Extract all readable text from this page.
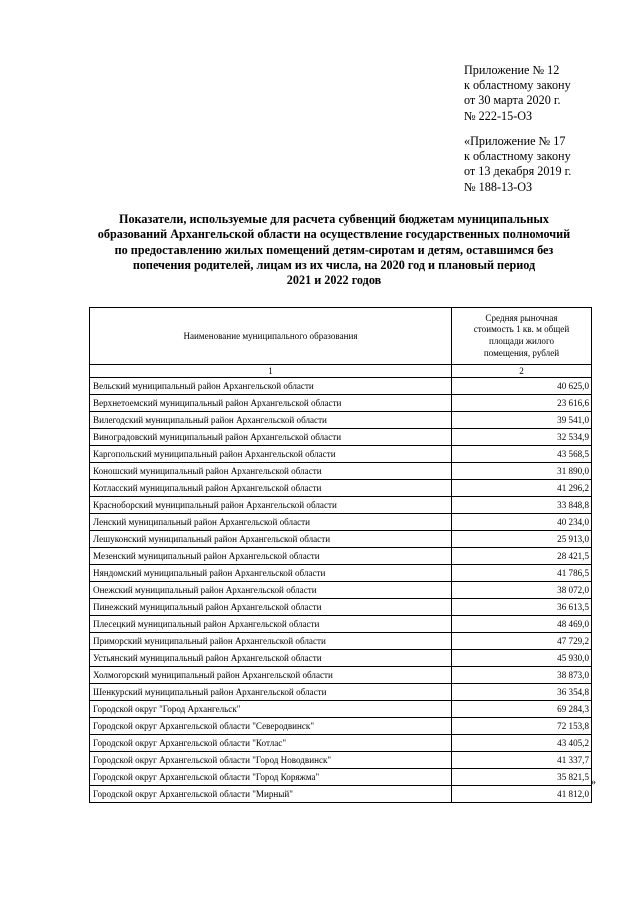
Приложение № 12
к областному закону
от 30 марта 2020 г.
№ 222-15-ОЗ
«Приложение № 17
к областному закону
от 13 декабря 2019 г.
№ 188-13-ОЗ
Показатели, используемые для расчета субвенций бюджетам муниципальных
образований Архангельской области на осуществление государственных полномочий
по предоставлению жилых помещений детям-сиротам и детям, оставшимся без
попечения родителей, лицам из их числа, на 2020 год и плановый период
2021 и 2022 годов
Наименование муниципального образования	Средняя рыночная
стоимость 1 кв. м общей
площади жилого
помещения, рублей

1	2
Вельский муниципальный район Архангельской области	40 625,0
Верхнетоемский муниципальный район Архангельской области	23 616,6
Вилегодский муниципальный район Архангельской области	39 541,0
Виноградовский муниципальный район Архангельской области	32 534,9
Каргопольский муниципальный район Архангельской области	43 568,5
Коношский муниципальный район Архангельской области	31 890,0
Котласский муниципальный район Архангельской области	41 296,2
Красноборский муниципальный район Архангельской области	33 848,8
Ленский муниципальный район Архангельской области	40 234,0
Лешуконский муниципальный район Архангельской области	25 913,0
Мезенский муниципальный район Архангельской области	28 421,5
Няндомский муниципальный район Архангельской области	41 786,5
Онежский муниципальный район Архангельской области	38 072,0
Пинежский муниципальный район Архангельской области	36 613,5
Плесецкий муниципальный район Архангельской области	48 469,0
Приморский муниципальный район Архангельской области	47 729,2
Устьянский муниципальный район Архангельской области	45 930,0
Холмогорский муниципальный район Архангельской области	38 873,0
Шенкурский муниципальный район Архангельской области	36 354,8
Городской округ "Город Архангельск"	69 284,3
Городской округ Архангельской области "Северодвинск"	72 153,8
Городской округ Архангельской области "Котлас"	43 405,2
Городской округ Архангельской области "Город Новодвинск"	41 337,7
Городской округ Архангельской области "Город Коряжма"	35 821,5
Городской округ Архангельской области "Мирный"	41 812,0
»
